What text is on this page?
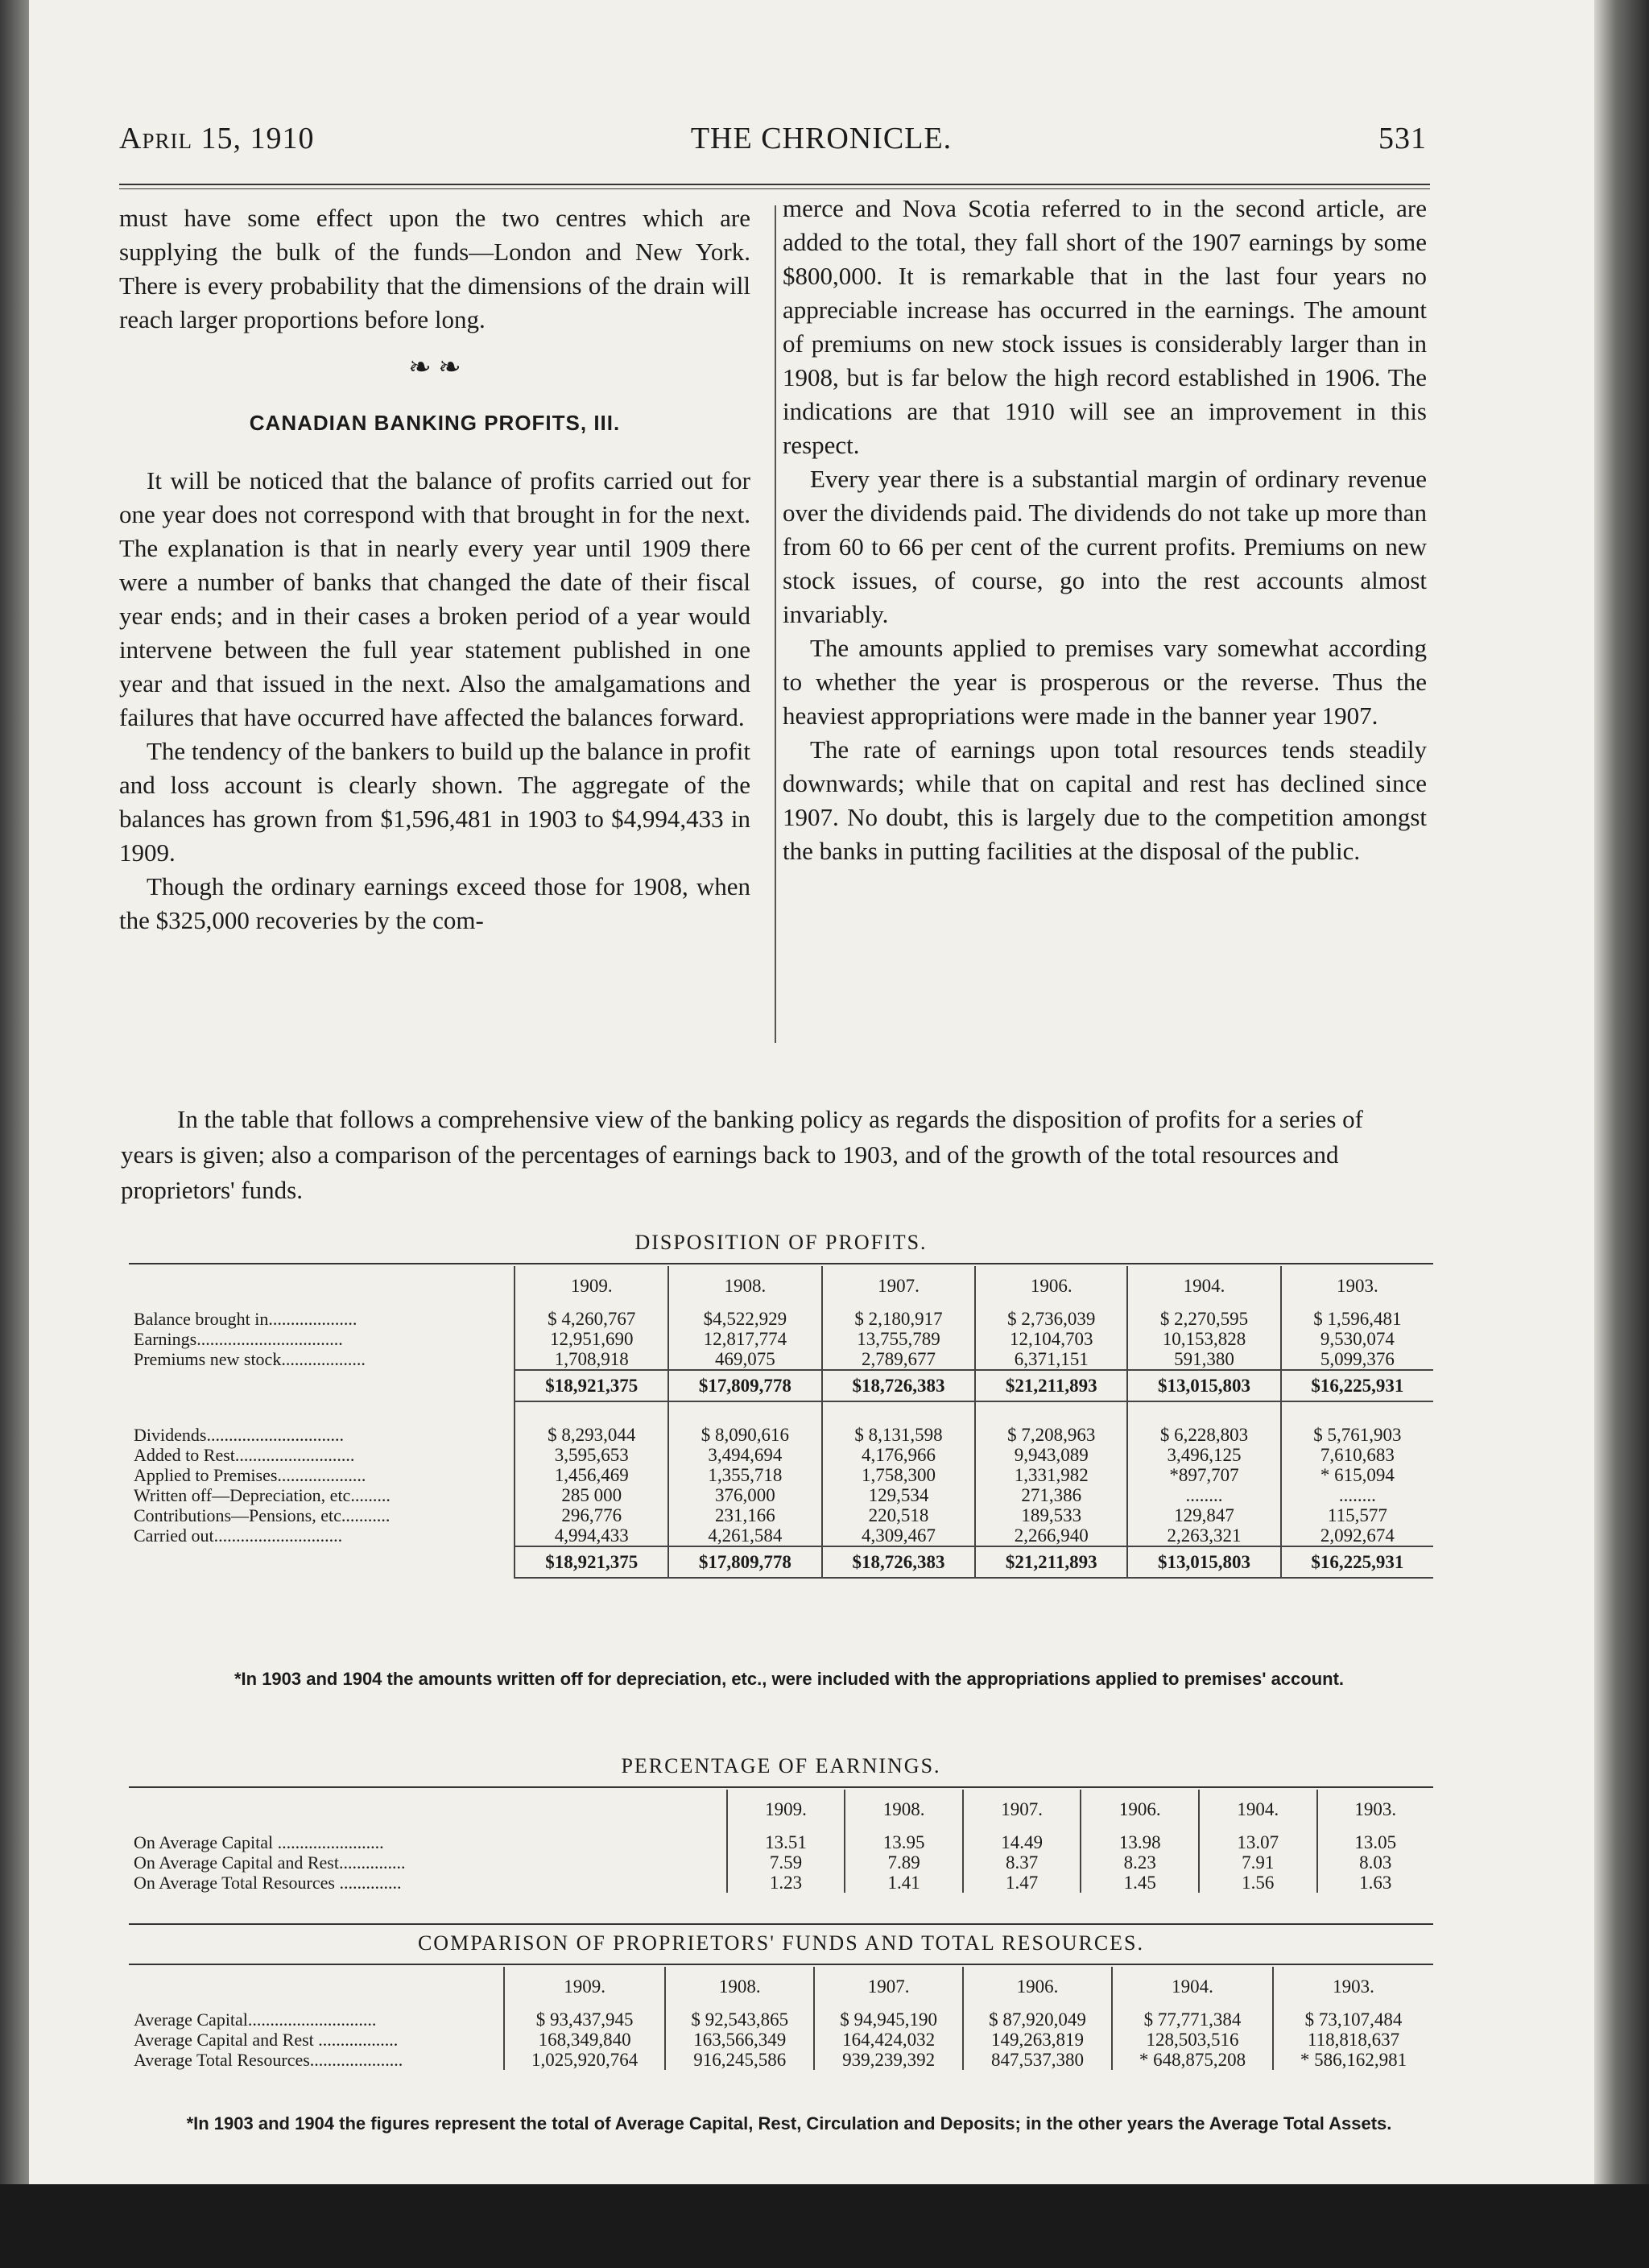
April 15, 1910	THE CHRONICLE.	531

must have some effect upon the two centres which are supplying the bulk of the funds—London and New York. There is every probability that the dimensions of the drain will reach larger proportions before long.

❧ ❧

CANADIAN BANKING PROFITS, III.

It will be noticed that the balance of profits carried out for one year does not correspond with that brought in for the next. The explanation is that in nearly every year until 1909 there were a number of banks that changed the date of their fiscal year ends; and in their cases a broken period of a year would intervene between the full year statement published in one year and that issued in the next. Also the amalgamations and failures that have occurred have affected the balances forward.

The tendency of the bankers to build up the balance in profit and loss account is clearly shown. The aggregate of the balances has grown from $1,596,481 in 1903 to $4,994,433 in 1909.

Though the ordinary earnings exceed those for 1908, when the $325,000 recoveries by the com-

merce and Nova Scotia referred to in the second article, are added to the total, they fall short of the 1907 earnings by some $800,000. It is remarkable that in the last four years no appreciable increase has occurred in the earnings. The amount of premiums on new stock issues is considerably larger than in 1908, but is far below the high record established in 1906. The indications are that 1910 will see an improvement in this respect.

Every year there is a substantial margin of ordinary revenue over the dividends paid. The dividends do not take up more than from 60 to 66 per cent of the current profits. Premiums on new stock issues, of course, go into the rest accounts almost invariably.

The amounts applied to premises vary somewhat according to whether the year is prosperous or the reverse. Thus the heaviest appropriations were made in the banner year 1907.

The rate of earnings upon total resources tends steadily downwards; while that on capital and rest has declined since 1907. No doubt, this is largely due to the competition amongst the banks in putting facilities at the disposal of the public.

In the table that follows a comprehensive view of the banking policy as regards the disposition of profits for a series of years is given; also a comparison of the percentages of earnings back to 1903, and of the growth of the total resources and proprietors' funds.

DISPOSITION OF PROFITS.
	1909.	1908.	1907.	1906.	1904.	1903.
Balance brought in....................	$ 4,260,767	$4,522,929	$ 2,180,917	$ 2,736,039	$ 2,270,595	$ 1,596,481
Earnings.................................	12,951,690	12,817,774	13,755,789	12,104,703	10,153,828	9,530,074
Premiums new stock...................	1,708,918	469,075	2,789,677	6,371,151	591,380	5,099,376
	$18,921,375	$17,809,778	$18,726,383	$21,211,893	$13,015,803	$16,225,931

Dividends...............................	$ 8,293,044	$ 8,090,616	$ 8,131,598	$ 7,208,963	$ 6,228,803	$ 5,761,903
Added to Rest...........................	3,595,653	3,494,694	4,176,966	9,943,089	3,496,125	7,610,683
Applied to Premises....................	1,456,469	1,355,718	1,758,300	1,331,982	*897,707	* 615,094
Written off—Depreciation, etc.........	285 000	376,000	129,534	271,386	........	........
Contributions—Pensions, etc...........	296,776	231,166	220,518	189,533	129,847	115,577
Carried out.............................	4,994,433	4,261,584	4,309,467	2,266,940	2,263,321	2,092,674
	$18,921,375	$17,809,778	$18,726,383	$21,211,893	$13,015,803	$16,225,931
*In 1903 and 1904 the amounts written off for depreciation, etc., were included with the appropriations applied to premises' account.
PERCENTAGE OF EARNINGS.
	1909.	1908.	1907.	1906.	1904.	1903.
On Average Capital ........................	13.51	13.95	14.49	13.98	13.07	13.05
On Average Capital and Rest...............	7.59	7.89	8.37	8.23	7.91	8.03
On Average Total Resources ..............	1.23	1.41	1.47	1.45	1.56	1.63
COMPARISON OF PROPRIETORS' FUNDS AND TOTAL RESOURCES.
	1909.	1908.	1907.	1906.	1904.	1903.
Average Capital.............................	$ 93,437,945	$ 92,543,865	$ 94,945,190	$ 87,920,049	$ 77,771,384	$ 73,107,484
Average Capital and Rest ..................	168,349,840	163,566,349	164,424,032	149,263,819	128,503,516	118,818,637
Average Total Resources.....................	1,025,920,764	916,245,586	939,239,392	847,537,380	* 648,875,208	* 586,162,981
*In 1903 and 1904 the figures represent the total of Average Capital, Rest, Circulation and Deposits; in the other years the Average Total Assets.
